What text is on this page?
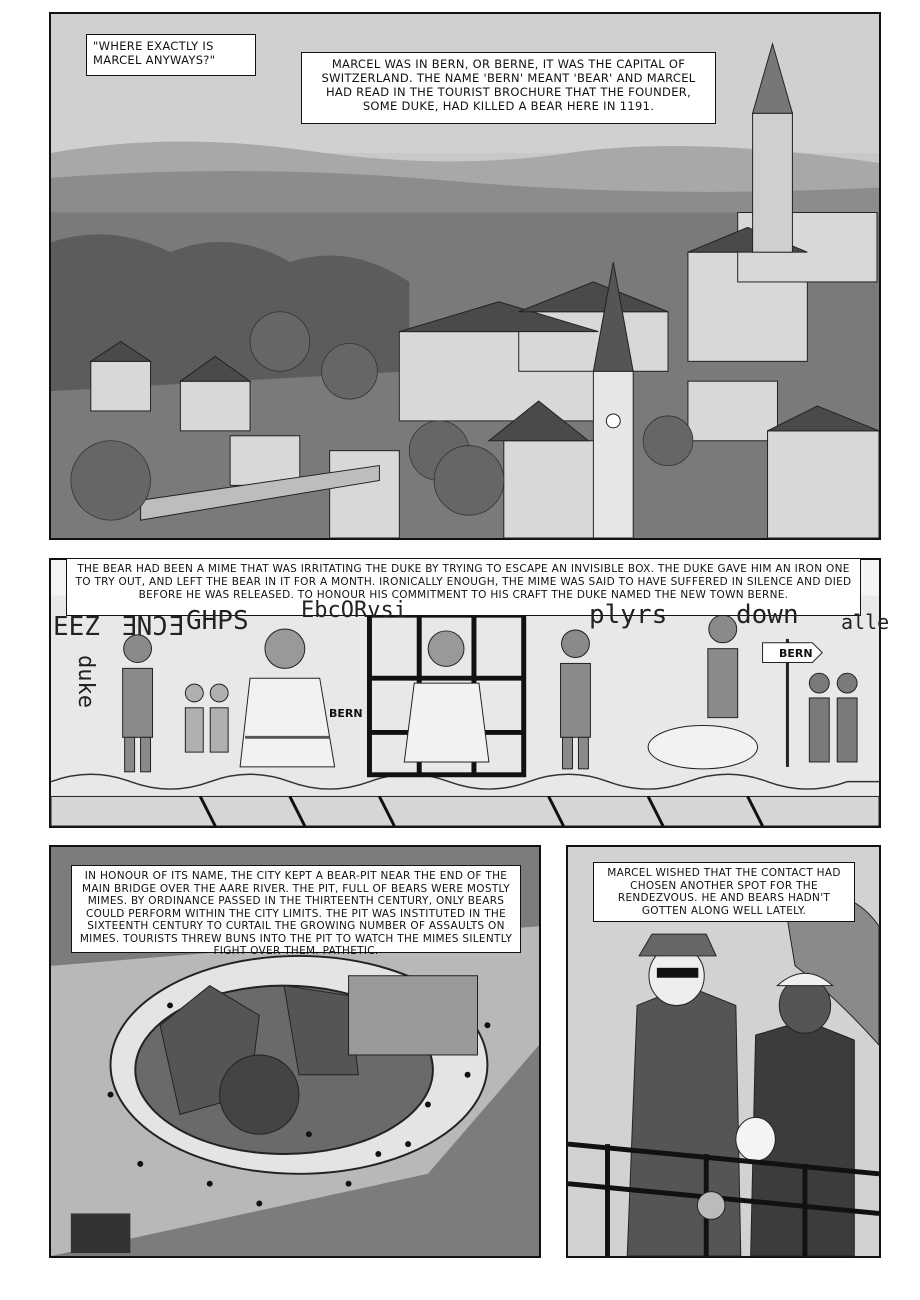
"WHERE EXACTLY IS MARCEL ANYWAYS?"	MARCEL WAS IN BERN, OR BERNE, IT WAS THE CAPITAL OF SWITZERLAND. THE NAME 'BERN' MEANT 'BEAR' AND MARCEL HAD READ IN THE TOURIST BROCHURE THAT THE FOUNDER, SOME DUKE, HAD KILLED A BEAR HERE IN 1191.
THE BEAR HAD BEEN A MIME THAT WAS IRRITATING THE DUKE BY TRYING TO ESCAPE AN INVISIBLE BOX. THE DUKE GAVE HIM AN IRON ONE TO TRY OUT, AND LEFT THE BEAR IN IT FOR A MONTH. IRONICALLY ENOUGH, THE MIME WAS SAID TO HAVE SUFFERED IN SILENCE AND DIED BEFORE HE WAS RELEASED. TO HONOUR HIS COMMITMENT TO HIS CRAFT THE DUKE NAMED THE NEW TOWN BERNE.
EEZ ƎΝƆƎ GHPS EbcORvsi	plyrs	down alle
duke
BERN
BERN
IN HONOUR OF ITS NAME, THE CITY KEPT A BEAR-PIT NEAR THE END OF THE MAIN BRIDGE OVER THE AARE RIVER. THE PIT, FULL OF BEARS WERE MOSTLY MIMES. BY ORDINANCE PASSED IN THE THIRTEENTH CENTURY, ONLY BEARS COULD PERFORM WITHIN THE CITY LIMITS. THE PIT WAS INSTITUTED IN THE SIXTEENTH CENTURY TO CURTAIL THE GROWING NUMBER OF ASSAULTS ON MIMES. TOURISTS THREW BUNS INTO THE PIT TO WATCH THE MIMES SILENTLY FIGHT OVER THEM. PATHETIC.
MARCEL WISHED THAT THE CONTACT HAD CHOSEN ANOTHER SPOT FOR THE RENDEZVOUS. HE AND BEARS HADN'T GOTTEN ALONG WELL LATELY.
